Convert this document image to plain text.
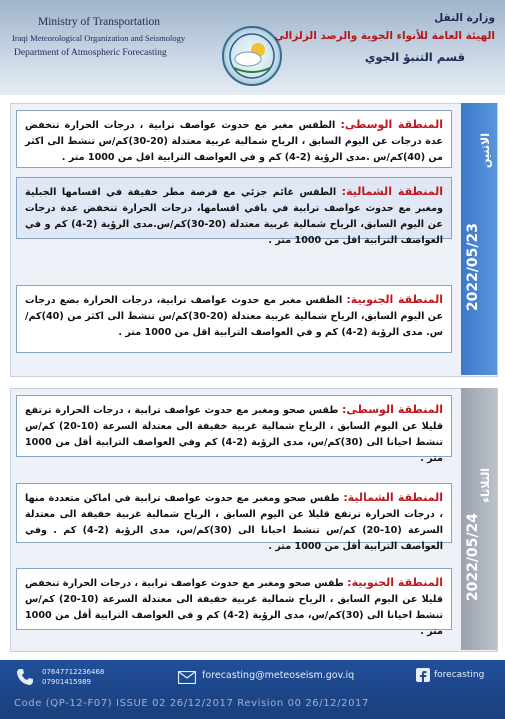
Ministry of Transportation
Iraqi Meteorological Organization and Seismology
Department of Atmospheric Forecasting
وزارة النقل
الهيئة العامة للأنواء الجوية والرصد الزلزالي
قسم التنبؤ الجوي
الاثنين
2022/05/23

المنطقة الوسطى: الطقس مغبر مع حدوث عواصف ترابية ، درجات الحرارة تنخفض عدة درجات عن اليوم السابق ، الرياح شمالية غربية معتدلة (20-30)كم/س تنشط الى اكثر من (40)كم/س .مدى الرؤية (2-4) كم و في العواصف الترابية اقل من 1000 متر .

المنطقة الشمالية: الطقس غائم جزئي مع فرصة مطر خفيفة في اقسامها الجبلية ومغبر مع حدوث عواصف ترابية في باقي اقسامها، درجات الحرارة تنخفض عدة درجات عن اليوم السابق، الرياح شمالية غربية معتدلة (20-30)كم/س.مدى الرؤية (2-4) كم و في العواصف الترابية اقل من 1000 متر .

المنطقة الجنوبية: الطقس مغبر مع حدوث عواصف ترابية، درجات الحرارة بضع درجات عن اليوم السابق، الرياح شمالية غربية معتدلة (20-30)كم/س تنشط الى اكثر من (40)كم/س. مدى الرؤية (2-4) كم و في العواصف الترابية اقل من 1000 متر .

الثلاثاء
2022/05/24

المنطقة الوسطى: طقس صحو ومغبر مع حدوث عواصف ترابية ، درجات الحرارة ترتفع قليلا عن اليوم السابق ، الرياح شمالية غربية خفيفة الى معتدلة السرعة (10-20) كم/س تنشط احيانا الى (30)كم/س، مدى الرؤية (2-4) كم وفي العواصف الترابية أقل من 1000 متر .

المنطقة الشمالية: طقس صحو ومغبر مع حدوث عواصف ترابية في اماكن متعددة منها ، درجات الحرارة ترتفع قليلا عن اليوم السابق ، الرياح شمالية غربية خفيفة الى معتدلة السرعة (10-20) كم/س تنشط احيانا الى (30)كم/س، مدى الرؤية (2-4) كم . وفي العواصف الترابية أقل من 1000 متر .

المنطقة الجنوبية: طقس صحو ومغبر مع حدوث عواصف ترابية ، درجات الحرارة تنخفض قليلا عن اليوم السابق ، الرياح شمالية غربية خفيفة الى معتدلة السرعة (10-20) كم/س تنشط احيانا الى (30)كم/س، مدى الرؤية (2-4) كم و في العواصف الترابية أقل من 1000 متر .

07647712236468
07901415989
forecasting@meteoseism.gov.iq	forecasting
Code (QP-12-F07) ISSUE 02 26/12/2017 Revision 00 26/12/2017
